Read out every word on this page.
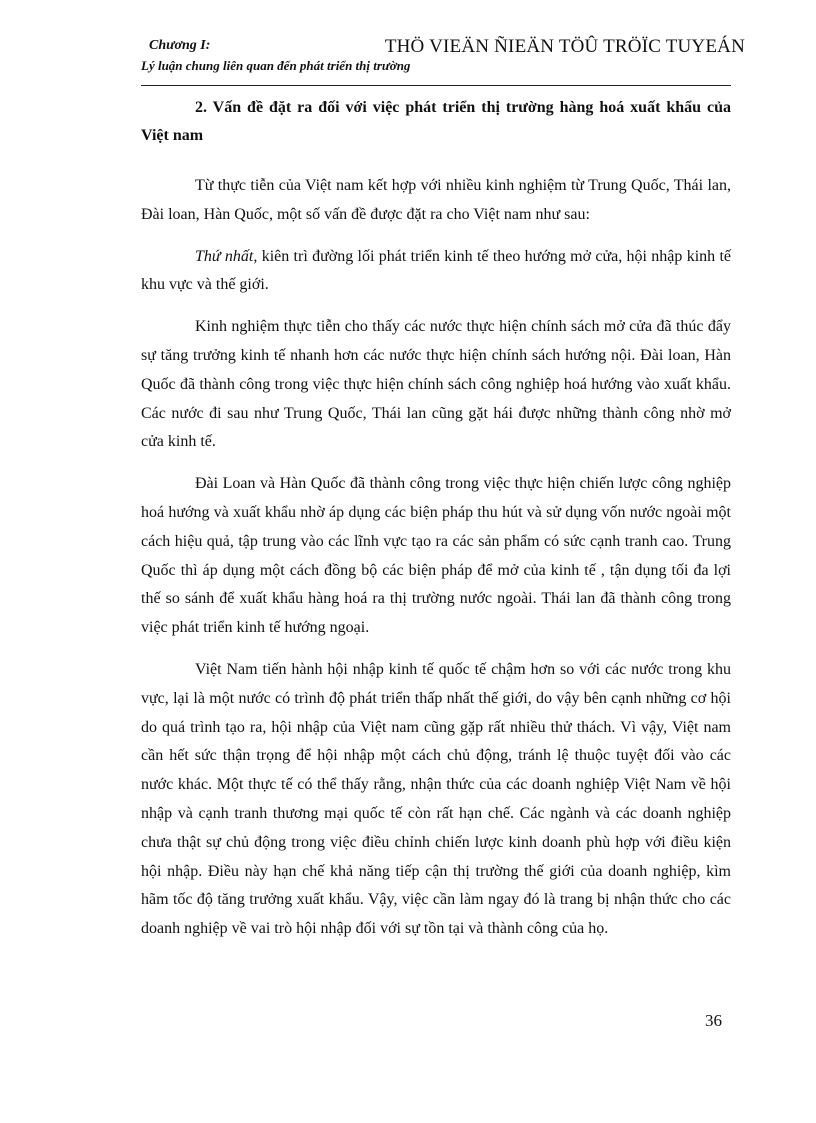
Chương I:
Lý luận chung liên quan đến phát triển thị trường
THÖ VIEÄN ÑIEÄN TÖÛ TRÖÏC TUYEÁN
2. Vấn đề đặt ra đối với việc phát triển thị trường hàng hoá xuất khẩu của Việt nam

Từ thực tiễn của Việt nam kết hợp với nhiều kinh nghiệm từ Trung Quốc, Thái lan, Đài loan, Hàn Quốc, một số vấn đề được đặt ra cho Việt nam như sau:

Thứ nhất, kiên trì đường lối phát triển kinh tế theo hướng mở cửa, hội nhập kinh tế khu vực và thế giới.

Kinh nghiệm thực tiễn cho thấy các nước thực hiện chính sách mở cửa đã thúc đẩy sự tăng trưởng kinh tế nhanh hơn các nước thực hiện chính sách hướng nội. Đài loan, Hàn Quốc đã thành công trong việc thực hiện chính sách công nghiệp hoá hướng vào xuất khẩu. Các nước đi sau như Trung Quốc, Thái lan cũng gặt hái được những thành công nhờ mở cửa kinh tế.

Đài Loan và Hàn Quốc đã thành công trong việc thực hiện chiến lược công nghiệp hoá hướng và xuất khẩu nhờ áp dụng các biện pháp thu hút và sử dụng vốn nước ngoài một cách hiệu quả, tập trung vào các lĩnh vực tạo ra các sản phẩm có sức cạnh tranh cao. Trung Quốc thì áp dụng một cách đồng bộ các biện pháp để mở của kinh tế , tận dụng tối đa lợi thế so sánh để xuất khẩu hàng hoá ra thị trường nước ngoài. Thái lan đã thành công trong việc phát triển kinh tế hướng ngoại.

Việt Nam tiến hành hội nhập kinh tế quốc tế chậm hơn so với các nước trong khu vực, lại là một nước có trình độ phát triển thấp nhất thế giới, do vậy bên cạnh những cơ hội do quá trình tạo ra, hội nhập của Việt nam cũng gặp rất nhiều thử thách. Vì vậy, Việt nam cần hết sức thận trọng để hội nhập một cách chủ động, tránh lệ thuộc tuyệt đối vào các nước khác. Một thực tế có thể thấy rằng, nhận thức của các doanh nghiệp Việt Nam về hội nhập và cạnh tranh thương mại quốc tế còn rất hạn chế. Các ngành và các doanh nghiệp chưa thật sự chủ động trong việc điều chỉnh chiến lược kinh doanh phù hợp với điều kiện hội nhập. Điều này hạn chế khả năng tiếp cận thị trường thế giới của doanh nghiệp, kìm hãm tốc độ tăng trưởng xuất khẩu. Vậy, việc cần làm ngay đó là trang bị nhận thức cho các doanh nghiệp về vai trò hội nhập đối với sự tồn tại và thành công của họ.

36
